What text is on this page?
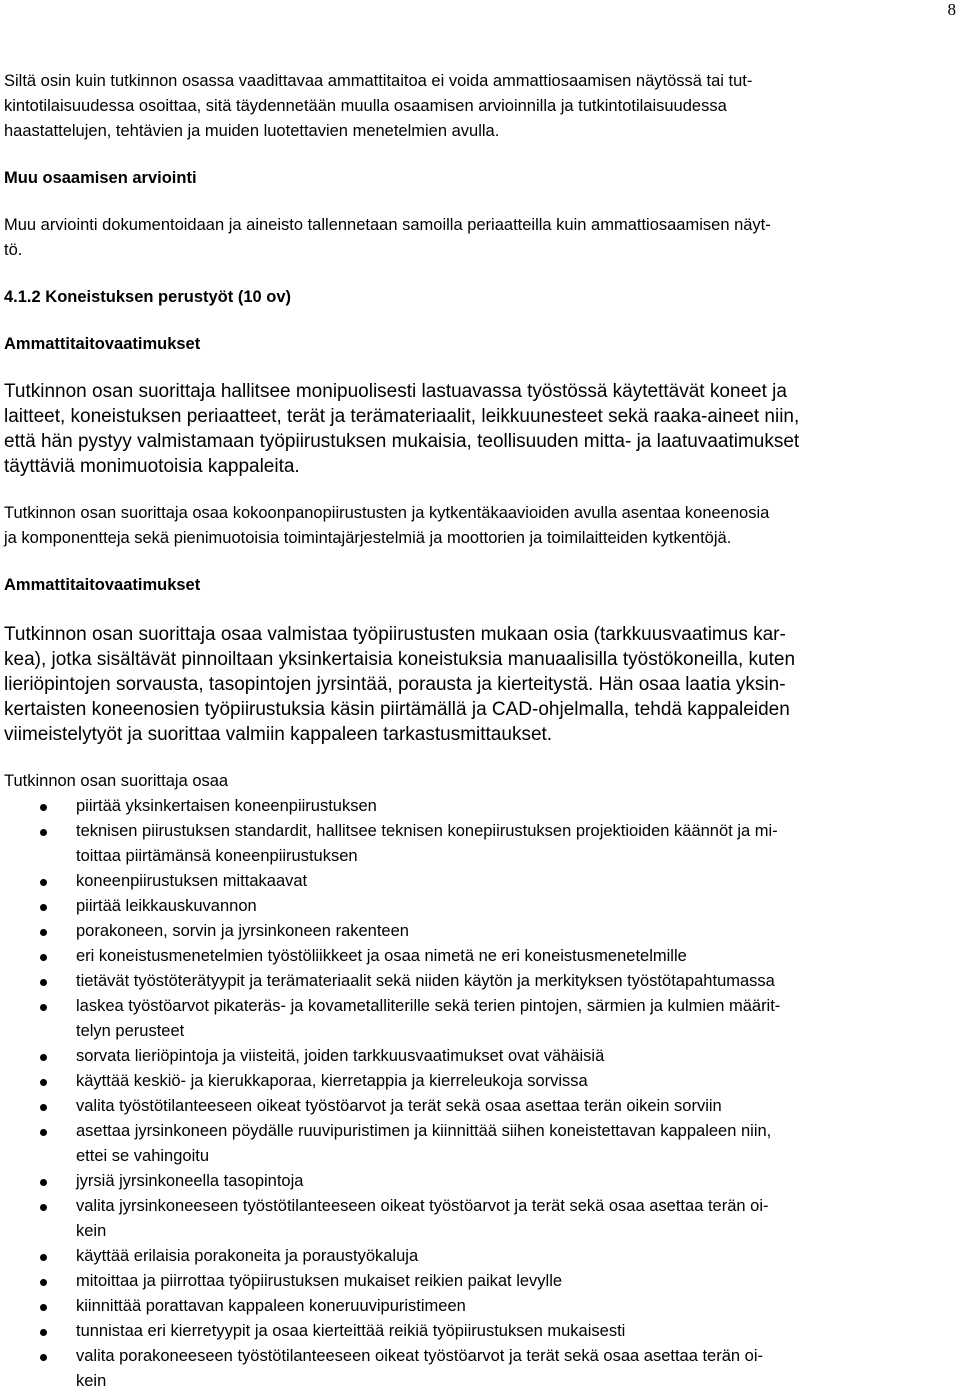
8

Siltä osin kuin tutkinnon osassa vaadittavaa ammattitaitoa ei voida ammattiosaamisen näytössä tai tut-

kintotilaisuudessa osoittaa, sitä täydennetään muulla osaamisen arvioinnilla ja tutkintotilaisuudessa

haastattelujen, tehtävien ja muiden luotettavien menetelmien avulla.

Muu osaamisen arviointi

Muu arviointi dokumentoidaan ja aineisto tallennetaan samoilla periaatteilla kuin ammattiosaamisen näyt-

tö.

4.1.2 Koneistuksen perustyöt (10 ov)

Ammattitaitovaatimukset

Tutkinnon osan suorittaja hallitsee monipuolisesti lastuavassa työstössä käytettävät koneet ja

laitteet, koneistuksen periaatteet, terät ja terämateriaalit, leikkuunesteet sekä raaka-aineet niin,

että hän pystyy valmistamaan työpiirustuksen mukaisia, teollisuuden mitta- ja laatuvaatimukset

täyttäviä monimuotoisia kappaleita.

Tutkinnon osan suorittaja osaa kokoonpanopiirustusten ja kytkentäkaavioiden avulla asentaa koneenosia

ja komponentteja sekä pienimuotoisia toimintajärjestelmiä ja moottorien ja toimilaitteiden kytkentöjä.

Ammattitaitovaatimukset

Tutkinnon osan suorittaja osaa valmistaa työpiirustusten mukaan osia (tarkkuusvaatimus kar-

kea), jotka sisältävät pinnoiltaan yksinkertaisia koneistuksia manuaalisilla työstökoneilla, kuten

lieriöpintojen sorvausta, tasopintojen jyrsintää, porausta ja kierteitystä. Hän osaa laatia yksin-

kertaisten koneenosien työpiirustuksia käsin piirtämällä ja CAD-ohjelmalla, tehdä kappaleiden

viimeistelytyöt ja suorittaa valmiin kappaleen tarkastusmittaukset.

Tutkinnon osan suorittaja osaa

piirtää yksinkertaisen koneenpiirustuksen
teknisen piirustuksen standardit, hallitsee teknisen konepiirustuksen projektioiden käännöt ja mi-
toittaa piirtämänsä koneenpiirustuksen
koneenpiirustuksen mittakaavat
piirtää leikkauskuvannon
porakoneen, sorvin ja jyrsinkoneen rakenteen
eri koneistusmenetelmien työstöliikkeet ja osaa nimetä ne eri koneistusmenetelmille
tietävät työstöterätyypit ja terämateriaalit sekä niiden käytön ja merkityksen työstötapahtumassa
laskea työstöarvot pikateräs- ja kovametalliterille sekä terien pintojen, särmien ja kulmien määrit-
telyn perusteet
sorvata lieriöpintoja ja viisteitä, joiden tarkkuusvaatimukset ovat vähäisiä
käyttää keskiö- ja kierukkaporaa, kierretappia ja kierreleukoja sorvissa
valita työstötilanteeseen oikeat työstöarvot ja terät sekä osaa asettaa terän oikein sorviin
asettaa jyrsinkoneen pöydälle ruuvipuristimen ja kiinnittää siihen koneistettavan kappaleen niin,
ettei se vahingoitu
jyrsiä jyrsinkoneella tasopintoja
valita jyrsinkoneeseen työstötilanteeseen oikeat työstöarvot ja terät sekä osaa asettaa terän oi-
kein
käyttää erilaisia porakoneita ja poraustyökaluja
mitoittaa ja piirrottaa työpiirustuksen mukaiset reikien paikat levylle
kiinnittää porattavan kappaleen koneruuvipuristimeen
tunnistaa eri kierretyypit ja osaa kierteittää reikiä työpiirustuksen mukaisesti
valita porakoneeseen työstötilanteeseen oikeat työstöarvot ja terät sekä osaa asettaa terän oi-
kein
